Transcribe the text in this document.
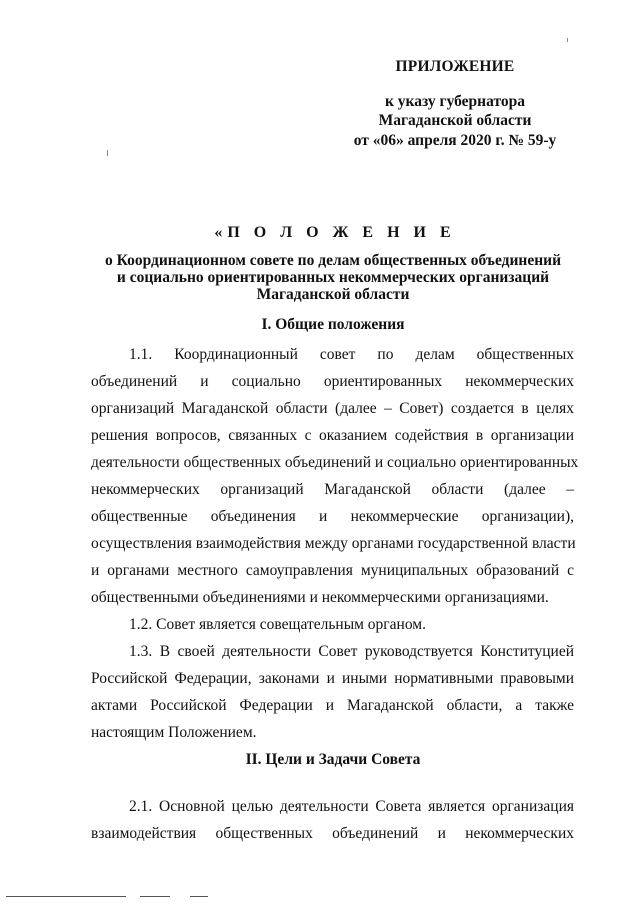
ПРИЛОЖЕНИЕ
к указу губернатора
Магаданской области
от «06» апреля 2020 г. № 59-у
«П О Л О Ж Е Н И Е
о Координационном совете по делам общественных объединений
и социально ориентированных некоммерческих организаций
Магаданской области
I. Общие положения
1.1. Координационный совет по делам общественных
объединений и социально ориентированных некоммерческих
организаций Магаданской области (далее – Совет) создается в целях
решения вопросов, связанных с оказанием содействия в организации
деятельности общественных объединений и социально ориентированных
некоммерческих организаций Магаданской области (далее –
общественные объединения и некоммерческие организации),
осуществления взаимодействия между органами государственной власти
и органами местного самоуправления муниципальных образований с
общественными объединениями и некоммерческими организациями.
1.2. Совет является совещательным органом.
1.3. В своей деятельности Совет руководствуется Конституцией
Российской Федерации, законами и иными нормативными правовыми
актами Российской Федерации и Магаданской области, а также
настоящим Положением.
II. Цели и Задачи Совета
2.1. Основной целью деятельности Совета является организация
взаимодействия общественных объединений и некоммерческих
